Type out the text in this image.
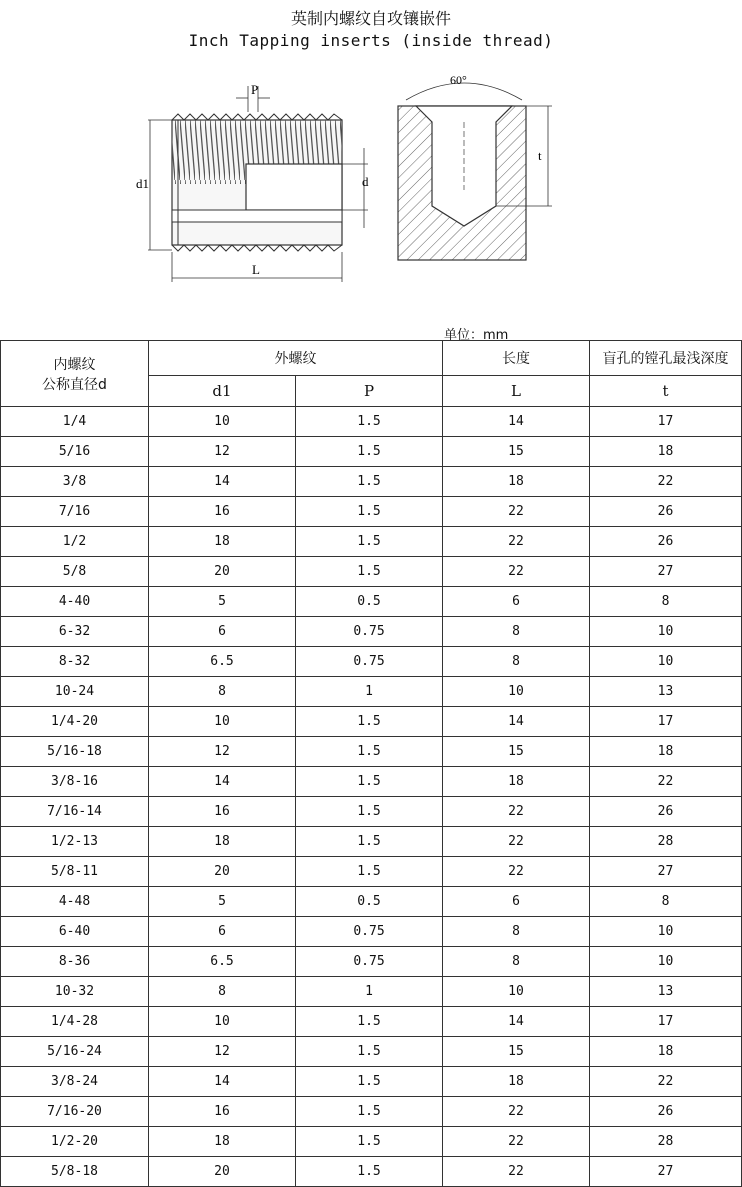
英制内螺纹自攻镶嵌件
Inch Tapping inserts (inside thread)
P
d1	d
L
60°
t
单位：mm
内螺纹
公称直径d	外螺纹		长度	盲孔的镗孔最浅深度
	d1	P	L	t
1/4	10	1.5	14	17
5/16	12	1.5	15	18
3/8	14	1.5	18	22
7/16	16	1.5	22	26
1/2	18	1.5	22	26
5/8	20	1.5	22	27
4-40	5	0.5	6	8
6-32	6	0.75	8	10
8-32	6.5	0.75	8	10
10-24	8	1	10	13
1/4-20	10	1.5	14	17
5/16-18	12	1.5	15	18
3/8-16	14	1.5	18	22
7/16-14	16	1.5	22	26
1/2-13	18	1.5	22	28
5/8-11	20	1.5	22	27
4-48	5	0.5	6	8
6-40	6	0.75	8	10
8-36	6.5	0.75	8	10
10-32	8	1	10	13
1/4-28	10	1.5	14	17
5/16-24	12	1.5	15	18
3/8-24	14	1.5	18	22
7/16-20	16	1.5	22	26
1/2-20	18	1.5	22	28
5/8-18	20	1.5	22	27
